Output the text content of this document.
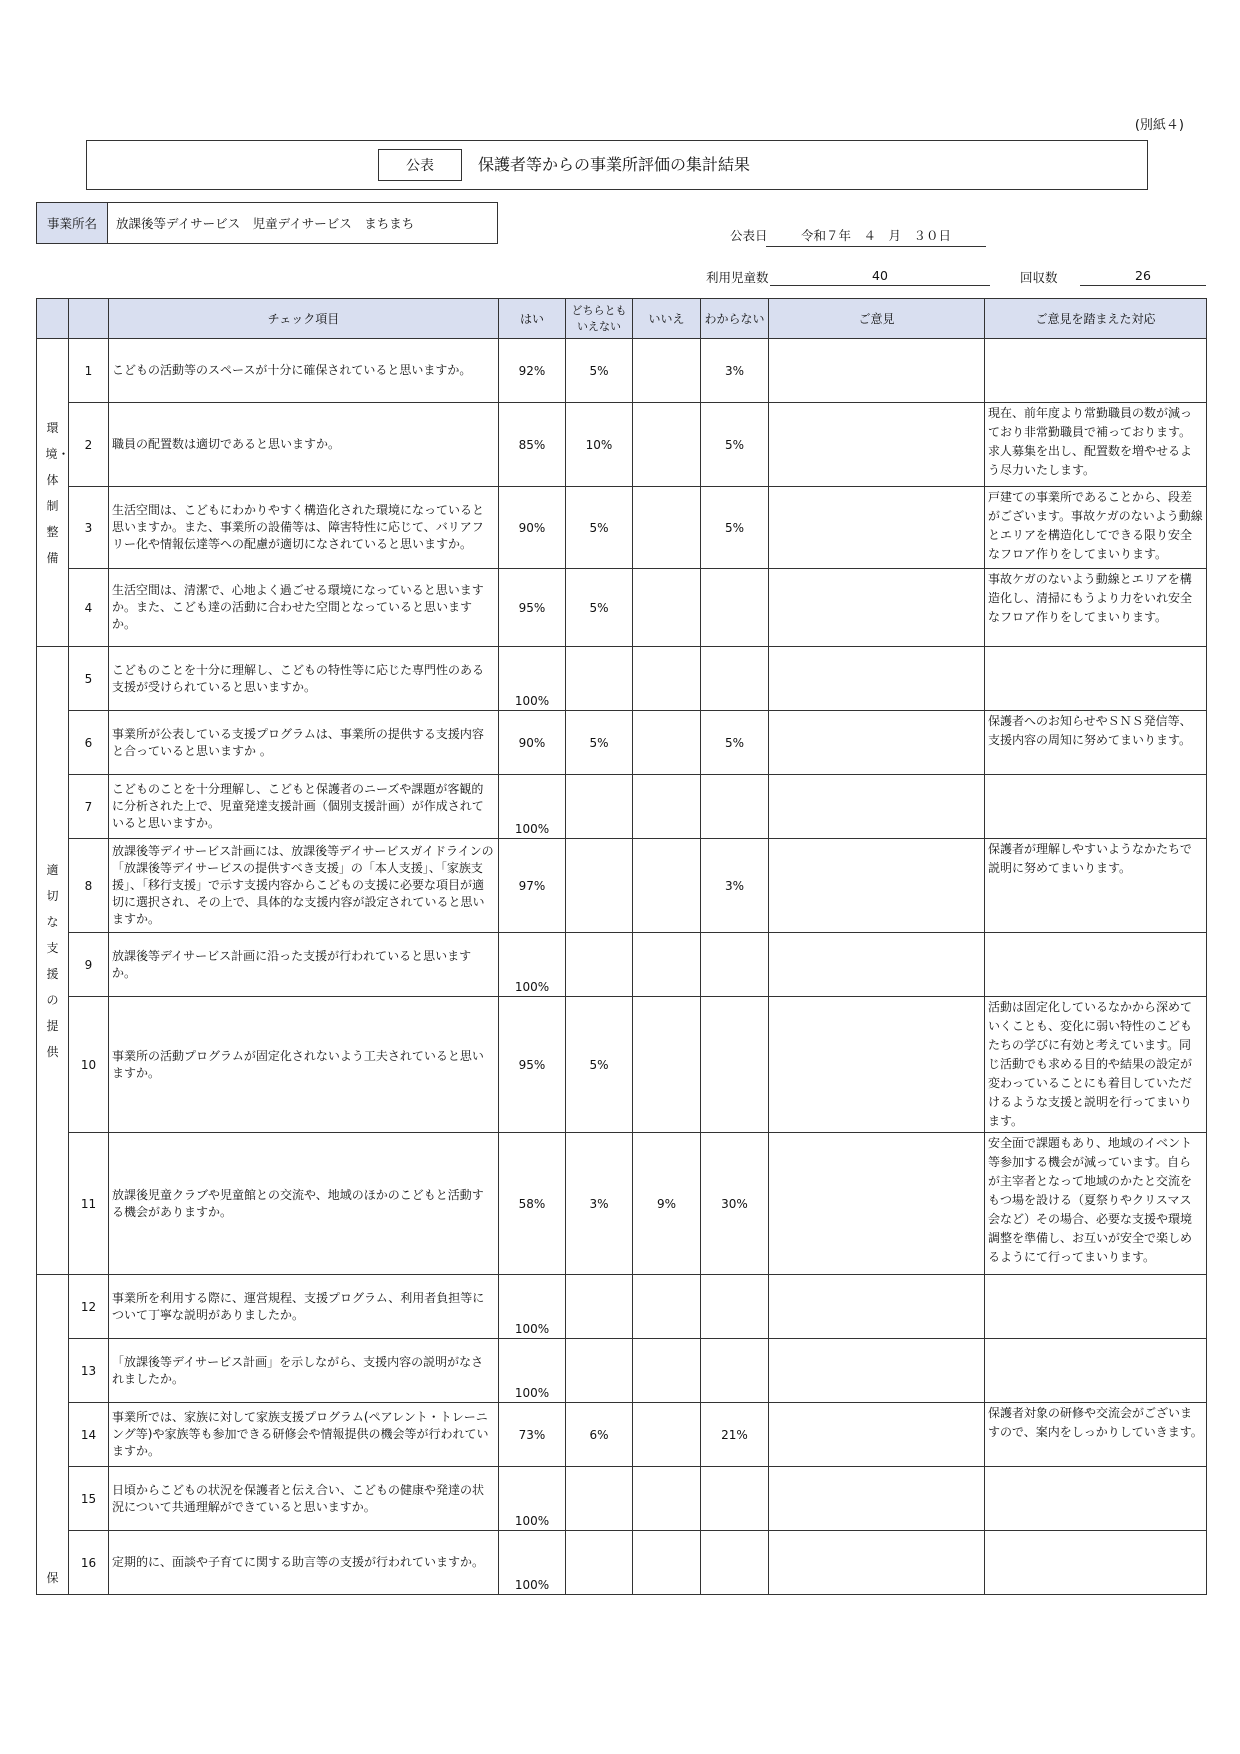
(別紙４)
公表	保護者等からの事業所評価の集計結果
事業所名	放課後等デイサービス　児童デイサービス　まちまち
公表日	令和７年　４　月　３０日
利用児童数	40	回収数	26
		チェック項目	はい	どちらとも
いえない	いいえ	わからない	ご意見	ご意見を踏まえた対応
環境・体制整備	1	こどもの活動等のスペースが十分に確保されていると思いますか。	92%	5%		3%		
	2	職員の配置数は適切であると思いますか。	85%	10%		5%		現在、前年度より常勤職員の数が減っており非常勤職員で補っております。求人募集を出し、配置数を増やせるよう尽力いたします。
	3	生活空間は、こどもにわかりやすく構造化された環境になっていると思いますか。また、事業所の設備等は、障害特性に応じて、バリアフリー化や情報伝達等への配慮が適切になされていると思いますか。	90%	5%		5%		戸建ての事業所であることから、段差がございます。事故ケガのないよう動線とエリアを構造化してできる限り安全なフロア作りをしてまいります。
	4	生活空間は、清潔で、心地よく過ごせる環境になっていると思いますか。また、こども達の活動に合わせた空間となっていると思いますか。	95%	5%				事故ケガのないよう動線とエリアを構造化し、清掃にもうより力をいれ安全なフロア作りをしてまいります。
適切な支援の提供	5	こどものことを十分に理解し、こどもの特性等に応じた専門性のある支援が受けられていると思いますか。	100%					
	6	事業所が公表している支援プログラムは、事業所の提供する支援内容と合っていると思いますか 。	90%	5%		5%		保護者へのお知らせやＳＮＳ発信等、支援内容の周知に努めてまいります。
	7	こどものことを十分理解し、こどもと保護者のニーズや課題が客観的に分析された上で、児童発達支援計画（個別支援計画）が作成されていると思いますか。	100%					
	8	放課後等デイサービス計画には、放課後等デイサービスガイドラインの「放課後等デイサービスの提供すべき支援」の「本人支援」、「家族支援」、「移行支援」で示す支援内容からこどもの支援に必要な項目が適切に選択され、その上で、具体的な支援内容が設定されていると思いますか。	97%			3%		保護者が理解しやすいようなかたちで説明に努めてまいります。
	9	放課後等デイサービス計画に沿った支援が行われていると思いますか。	100%					
	10	事業所の活動プログラムが固定化されないよう工夫されていると思いますか。	95%	5%				活動は固定化しているなかから深めていくことも、変化に弱い特性のこどもたちの学びに有効と考えています。同じ活動でも求める目的や結果の設定が変わっていることにも着目していただけるような支援と説明を行ってまいります。
	11	放課後児童クラブや児童館との交流や、地域のほかのこどもと活動する機会がありますか。	58%	3%	9%	30%		安全面で課題もあり、地域のイベント等参加する機会が減っています。自らが主宰者となって地域のかたと交流をもつ場を設ける（夏祭りやクリスマス会など）その場合、必要な支援や環境調整を準備し、お互いが安全で楽しめるようにて行ってまいります。
保	12	事業所を利用する際に、運営規程、支援プログラム、利用者負担等について丁寧な説明がありましたか。	100%					
	13	「放課後等デイサービス計画」を示しながら、支援内容の説明がなされましたか。	100%					
	14	事業所では、家族に対して家族支援プログラム(ペアレント・トレーニング等)や家族等も参加できる研修会や情報提供の機会等が行われていますか。	73%	6%		21%		保護者対象の研修や交流会がございますので、案内をしっかりしていきます。
	15	日頃からこどもの状況を保護者と伝え合い、こどもの健康や発達の状況について共通理解ができていると思いますか。	100%					
	16	定期的に、面談や子育てに関する助言等の支援が行われていますか。	100%					
